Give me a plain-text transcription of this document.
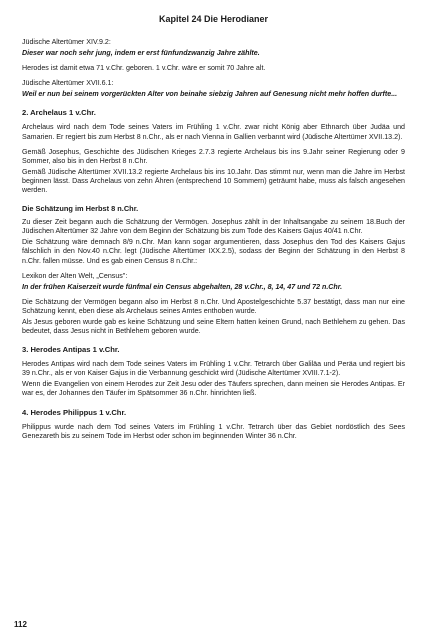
Kapitel 24 Die Herodianer

Jüdische Altertümer XIV.9.2:

Dieser war noch sehr jung, indem er erst fünfundzwanzig Jahre zählte.

Herodes ist damit etwa 71 v.Chr. geboren. 1 v.Chr. wäre er somit 70 Jahre alt.

Jüdische Altertümer XVII.6.1:

Weil er nun bei seinem vorgerückten Alter von beinahe siebzig Jahren auf Genesung nicht mehr hoffen durfte...

2. Archelaus 1 v.Chr.

Archelaus wird nach dem Tode seines Vaters im Frühling 1 v.Chr. zwar nicht König aber Ethnarch über Judäa und Samarien. Er regiert bis zum Herbst 8 n.Chr., als er nach Vienna in Gallien verbannt wird (Jüdische Altertümer XVII.13.2).

Gemäß Josephus, Geschichte des Jüdischen Krieges 2.7.3 regierte Archelaus bis ins 9.Jahr seiner Regierung oder 9 Sommer, also bis in den Herbst 8 n.Chr.

Gemäß Jüdische Altertümer XVII.13.2 regierte Archelaus bis ins 10.Jahr. Das stimmt nur, wenn man die Jahre im Herbst beginnen lässt. Dass Archelaus von zehn Ähren (entsprechend 10 Sommern) geträumt habe, muss als falsch angesehen werden.

Die Schätzung im Herbst 8 n.Chr.

Zu dieser Zeit begann auch die Schätzung der Vermögen. Josephus zählt in der Inhaltsangabe zu seinem 18.Buch der Jüdischen Altertümer 32 Jahre von dem Beginn der Schätzung bis zum Tode des Kaisers Gajus 40/41 n.Chr.

Die Schätzung wäre demnach 8/9 n.Chr. Man kann sogar argumentieren, dass Josephus den Tod des Kaisers Gajus fälschlich in den Nov.40 n.Chr. legt (Jüdische Altertümer IXX.2.5), sodass der Beginn der Schätzung in den Herbst 8 n.Chr. fallen müsse. Und es gab einen Census 8 n.Chr.:

Lexikon der Alten Welt, „Census":

In der frühen Kaiserzeit wurde fünfmal ein Census abgehalten, 28 v.Chr., 8, 14, 47 und 72 n.Chr.

Die Schätzung der Vermögen begann also im Herbst 8 n.Chr. Und Apostelgeschichte 5.37 bestätigt, dass man nur eine Schätzung kennt, eben diese als Archelaus seines Amtes enthoben wurde.

Als Jesus geboren wurde gab es keine Schätzung und seine Eltern hatten keinen Grund, nach Bethlehem zu gehen. Das bedeutet, dass Jesus nicht in Bethlehem geboren wurde.

3. Herodes Antipas 1 v.Chr.

Herodes Antipas wird nach dem Tode seines Vaters im Frühling 1 v.Chr. Tetrarch über Galiläa und Peräa und regiert bis 39 n.Chr., als er von Kaiser Gajus in die Verbannung geschickt wird (Jüdische Altertümer XVIII.7.1-2).

Wenn die Evangelien von einem Herodes zur Zeit Jesu oder des Täufers sprechen, dann meinen sie Herodes Antipas. Er war es, der Johannes den Täufer im Spätsommer 36 n.Chr. hinrichten ließ.

4. Herodes Philippus 1 v.Chr.

Philippus wurde nach dem Tod seines Vaters im Frühling 1 v.Chr. Tetrarch über das Gebiet nordöstlich des Sees Genezareth bis zu seinem Tode im Herbst oder schon im beginnenden Winter 36 n.Chr.

112
